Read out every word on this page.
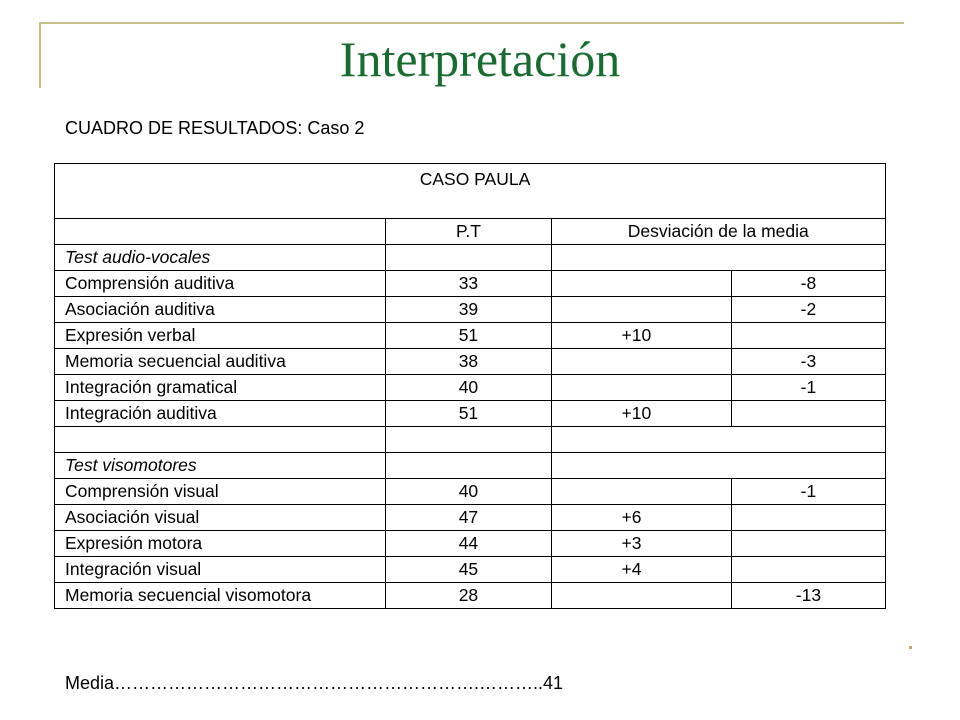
Interpretación
CUADRO DE RESULTADOS: Caso 2
CASO PAULA			
	P.T	Desviación de la media	
Test audio-vocales			
Comprensión auditiva	33		-8
Asociación auditiva	39		-2
Expresión verbal	51	+10	
Memoria secuencial auditiva	38		-3
Integración gramatical	40		-1
Integración auditiva	51	+10	

Test visomotores			
Comprensión visual	40		-1
Asociación visual	47	+6	
Expresión motora	44	+3	
Integración visual	45	+4	
Memoria secuencial visomotora	28		-13
Media…………………………………………………….………..41
